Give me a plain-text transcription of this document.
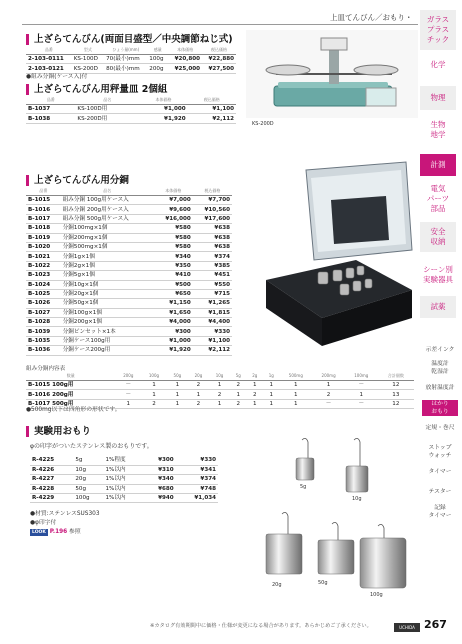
上皿てんびん／おもり・	ガラス
プラス
チック
化学
物理
生物
地学
計測
電気
パーツ
部品
安全
収納
シーン別
実験器具
試薬
示差インク
温度計
乾湿計
放射温度計
はかり
おもり
定規・巻尺
ストップ
ウォッチ
タイマー
テスター
記録
タイマー
上ざらてんびん(両面目盛型／中央調節ねじ式)
品番	型式	ひょう量(mm)	感量	本体価格	税込価格
2-103-0111	KS-100D	70(最小)mm	100g	¥20,800	¥22,880
2-103-0121	KS-200D	80(最小)mm	200g	¥25,000	¥27,500
●組み分銅(ケース入)付
KS-200D
上ざらてんびん用秤量皿 2個組
品番	品名	本体価格	税込価格
B-1037	KS-100D用	¥1,000	¥1,100
B-1038	KS-200D用	¥1,920	¥2,112
上ざらてんびん用分銅
品番	品名	本体価格	税込価格
B-1015	組み分銅 100g用ケース入	¥7,000	¥7,700
B-1016	組み分銅 200g用ケース入	¥9,600	¥10,560
B-1017	組み分銅 500g用ケース入	¥16,000	¥17,600
B-1018	分銅100mg×1個	¥580	¥638
B-1019	分銅200mg×1個	¥580	¥638
B-1020	分銅500mg×1個	¥580	¥638
B-1021	分銅1g×1個	¥340	¥374
B-1022	分銅2g×1個	¥350	¥385
B-1023	分銅5g×1個	¥410	¥451
B-1024	分銅10g×1個	¥500	¥550
B-1025	分銅20g×1個	¥650	¥715
B-1026	分銅50g×1個	¥1,150	¥1,265
B-1027	分銅100g×1個	¥1,650	¥1,815
B-1028	分銅200g×1個	¥4,000	¥4,400
B-1039	分銅ピンセット×1本	¥300	¥330
B-1035	分銅ケース100g用	¥1,000	¥1,100
B-1036	分銅ケース200g用	¥1,920	¥2,112
組み分銅内容表
数量	200g	100g	50g	20g	10g	5g	2g	1g	500mg	200mg	100mg	合計個数
B-1015 100g用	－	1	1	2	1	2	1	1	1	1	－	12
B-1016 200g用	－	1	1	1	2	1	2	1	1	2	1	13
B-1017 500g用	1	2	1	2	1	2	1	1	1	－	－	12
●500mg以下は四角形の形状です。
実験用おもり
φの印字がついたステンレス製のおもりです。
R-4225	5g	1%程度	¥300	¥330
R-4226	10g	1%以内	¥310	¥341
R-4227	20g	1%以内	¥340	¥374
R-4228	50g	1%以内	¥680	¥748
R-4229	100g	1%以内	¥940	¥1,034
●材質:ステンレスSUS303
●φ印字付
LOOK P.196 参照
5g
10g
20g	50g
100g
※カタログ有効期間中に価格・仕様が変更になる場合があります。あらかじめご了承ください。	UCHIDA 267
